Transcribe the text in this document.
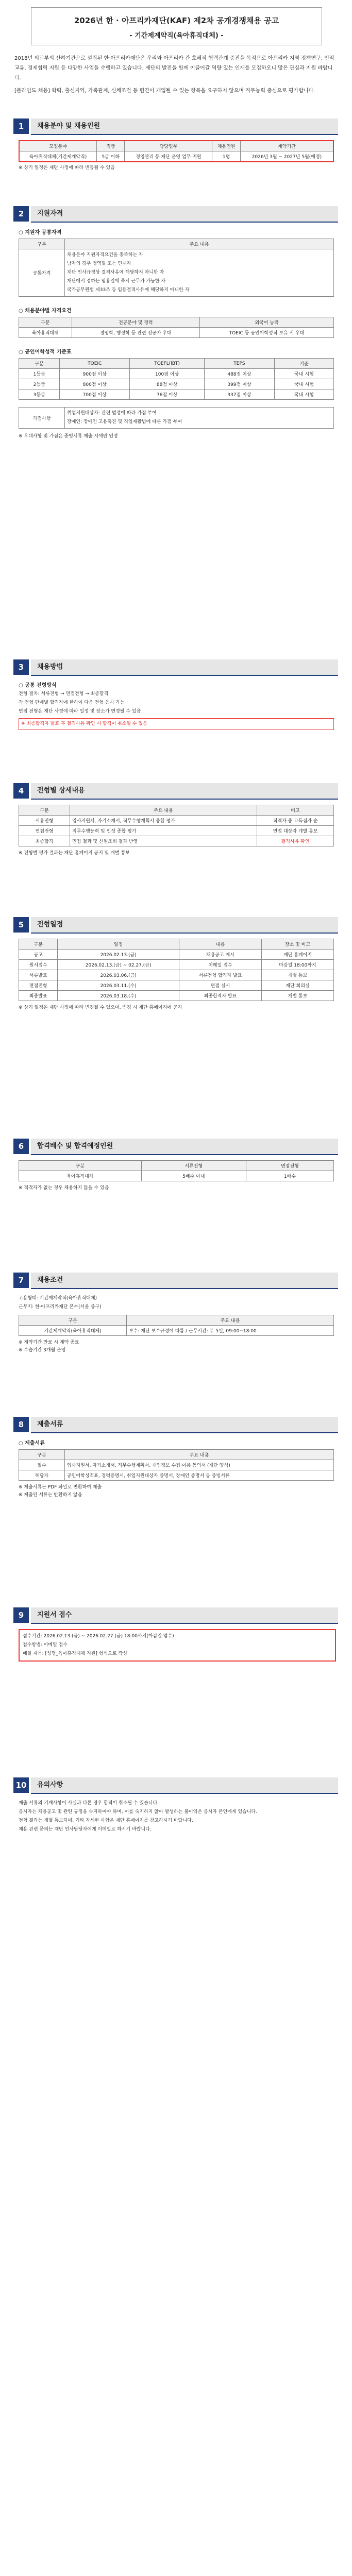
2026년 한 · 아프리카재단(KAF) 제2차 공개경쟁채용 공고
- 기간제계약직(육아휴직대체) -
2018년 외교부의 산하기관으로 설립된 한·아프리카재단은 우리와 아프리카 간 호혜적 협력관계 증진을 목적으로 아프리카 지역 정책연구, 인적교류, 경제협력 지원 등 다양한 사업을 수행하고 있습니다. 재단의 발전을 함께 이끌어갈 역량 있는 인재를 모집하오니 많은 관심과 지원 바랍니다.
[블라인드 채용] 학력, 출신지역, 가족관계, 신체조건 등 편견이 개입될 수 있는 항목을 요구하지 않으며 직무능력 중심으로 평가합니다.
1	채용분야 및 채용인원
모집분야	직급	담당업무	채용인원	계약기간
육아휴직대체(기간제계약직)	5급 이하	경영관리 등 재단 운영 업무 지원	1명	2026년 3월 ~ 2027년 5월(예정)
※ 상기 일정은 재단 사정에 따라 변동될 수 있음
2	지원자격
○ 지원자 공통자격
구분	주요 내용
공통자격	채용분야 지원자격요건을 충족하는 자
남자의 경우 병역필 또는 면제자
재단 인사규정상 결격사유에 해당하지 아니한 자
재단에서 정하는 임용일에 즉시 근무가 가능한 자
국가공무원법 제33조 등 임용결격사유에 해당하지 아니한 자
○ 채용분야별 자격요건
구분	전공분야 및 경력	외국어 능력
육아휴직대체	경영학, 행정학 등 관련 전공자 우대	TOEIC 등 공인어학성적 보유 시 우대
○ 공인어학성적 기준표
구분	TOEIC	TOEFL(iBT)	TEPS	기준
1등급	900점 이상	100점 이상	488점 이상	국내 시험
2등급	800점 이상	88점 이상	399점 이상	국내 시험
3등급	700점 이상	76점 이상	337점 이상	국내 시험
가점사항	
취업지원대상자: 관련 법령에 따라 가점 부여
장애인: 장애인 고용촉진 및 직업재활법에 따른 가점 부여
※ 우대사항 및 가점은 증빙서류 제출 시에만 인정
3	채용방법
○ 공통 전형방식
전형 절차: 서류전형 → 면접전형 → 최종합격
각 전형 단계별 합격자에 한하여 다음 전형 응시 가능
면접 전형은 재단 사정에 따라 일정 및 장소가 변경될 수 있음
※ 최종합격자 발표 후 결격사유 확인 시 합격이 취소될 수 있음
4	전형별 상세내용
구분	주요 내용	비고
서류전형	입사지원서, 자기소개서, 직무수행계획서 종합 평가	적격자 중 고득점자 순
면접전형	직무수행능력 및 인성 종합 평가	면접 대상자 개별 통보
최종합격	면접 결과 및 신원조회 결과 반영	결격사유 확인
※ 전형별 평가 결과는 재단 홈페이지 공지 및 개별 통보
5	전형일정
구분	일정	내용	장소 및 비고
공고	2026.02.13.(금)	채용공고 게시	재단 홈페이지
원서접수	2026.02.13.(금) ~ 02.27.(금)	이메일 접수	마감일 18:00까지
서류발표	2026.03.06.(금)	서류전형 합격자 발표	개별 통보
면접전형	2026.03.11.(수)	면접 실시	재단 회의실
최종발표	2026.03.18.(수)	최종합격자 발표	개별 통보
※ 상기 일정은 재단 사정에 따라 변경될 수 있으며, 변경 시 재단 홈페이지에 공지
6	합격배수 및 합격예정인원
구분	서류전형	면접전형
육아휴직대체	5배수 이내	1배수
※ 적격자가 없는 경우 채용하지 않을 수 있음
7	채용조건
고용형태: 기간제계약직(육아휴직대체)
근무지: 한·아프리카재단 본부(서울 중구)
구분	주요 내용
기간제계약직(육아휴직대체)	보수: 재단 보수규정에 따름 / 근무시간: 주 5일, 09:00~18:00
※ 계약기간 만료 시 계약 종료
※ 수습기간 3개월 운영
8	제출서류
○ 제출서류
구분	주요 내용
필수	입사지원서, 자기소개서, 직무수행계획서, 개인정보 수집·이용 동의서 (재단 양식)
해당자	공인어학성적표, 경력증명서, 취업지원대상자 증명서, 장애인 증명서 등 증빙서류
※ 제출서류는 PDF 파일로 변환하여 제출
※ 제출된 서류는 반환하지 않음
9	지원서 접수
접수기간: 2026.02.13.(금) ~ 2026.02.27.(금) 18:00까지(마감일 엄수)
접수방법: 이메일 접수
메일 제목: [성명_육아휴직대체 지원] 형식으로 작성
10	유의사항
제출 서류의 기재사항이 사실과 다른 경우 합격이 취소될 수 있습니다.
응시자는 채용공고 및 관련 규정을 숙지하여야 하며, 이를 숙지하지 않아 발생하는 불이익은 응시자 본인에게 있습니다.
전형 결과는 개별 통보하며, 기타 자세한 사항은 재단 홈페이지를 참고하시기 바랍니다.
채용 관련 문의는 재단 인사담당자에게 이메일로 하시기 바랍니다.
